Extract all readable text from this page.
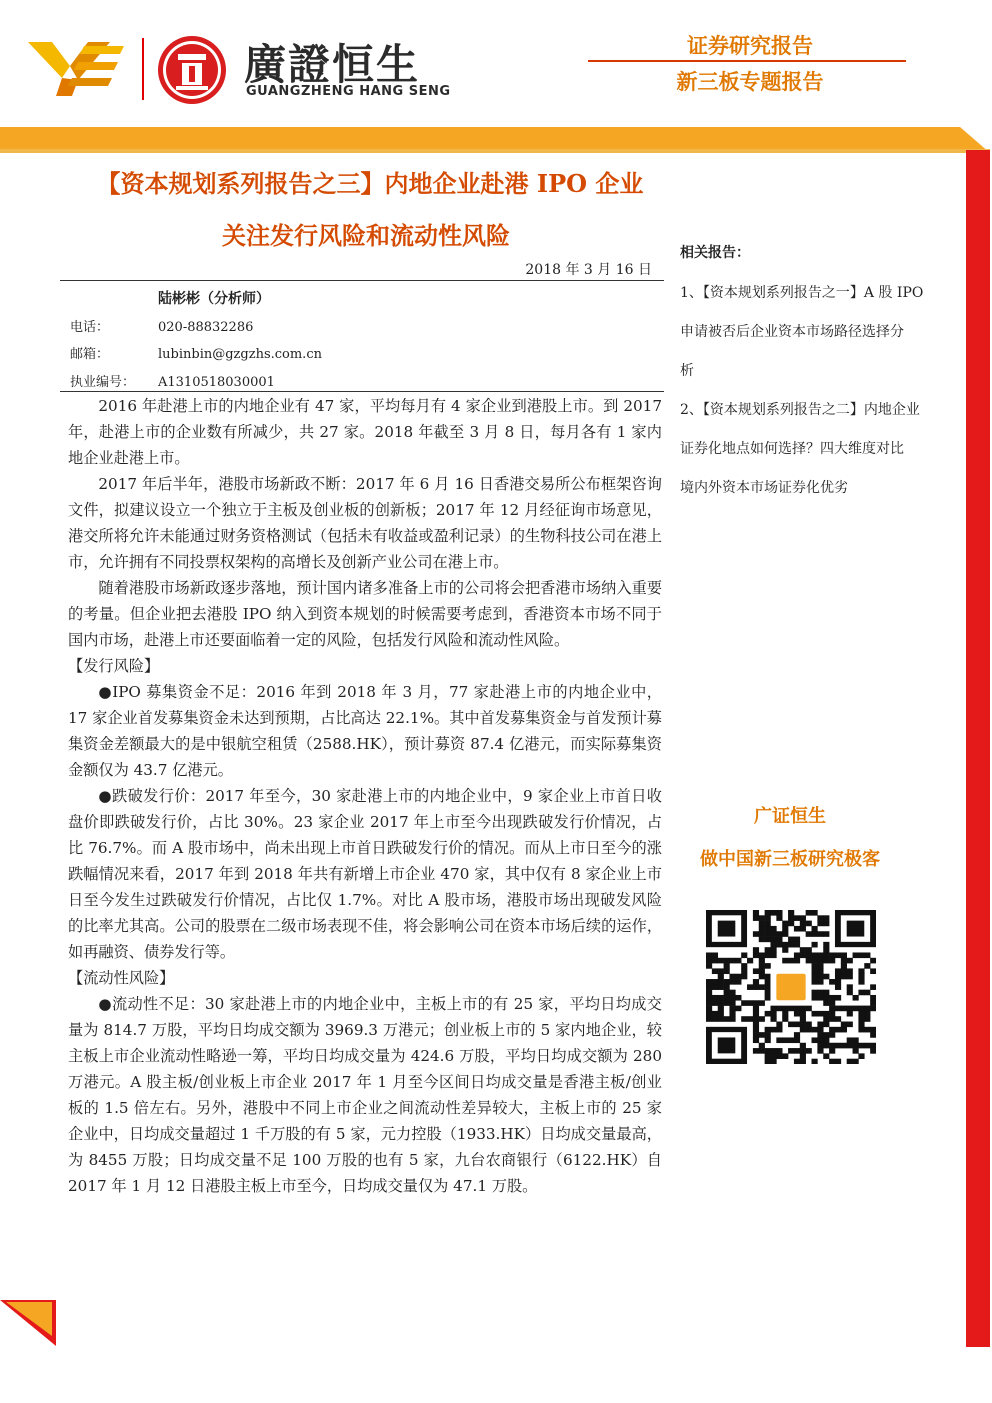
廣證恒生
GUANGZHENG HANG SENG
证券研究报告
新三板专题报告
【资本规划系列报告之三】内地企业赴港 IPO 企业
关注发行风险和流动性风险
2018 年 3 月 16 日
陆彬彬（分析师）
电话：	020-88832286
邮箱：	lubinbin@gzgzhs.com.cn
执业编号： A1310518030001

2016 年赴港上市的内地企业有 47 家，平均每月有 4 家企业到港股上市。到 2017 年，赴港上市的企业数有所减少，共 27 家。2018 年截至 3 月 8 日，每月各有 1 家内地企业赴港上市。

2017 年后半年，港股市场新政不断：2017 年 6 月 16 日香港交易所公布框架咨询文件，拟建议设立一个独立于主板及创业板的创新板；2017 年 12 月经征询市场意见，港交所将允许未能通过财务资格测试（包括未有收益或盈利记录）的生物科技公司在港上市，允许拥有不同投票权架构的高增长及创新产业公司在港上市。

随着港股市场新政逐步落地，预计国内诸多准备上市的公司将会把香港市场纳入重要的考量。但企业把去港股 IPO 纳入到资本规划的时候需要考虑到，香港资本市场不同于国内市场，赴港上市还要面临着一定的风险，包括发行风险和流动性风险。

【发行风险】

●IPO 募集资金不足：2016 年到 2018 年 3 月，77 家赴港上市的内地企业中，17 家企业首发募集资金未达到预期，占比高达 22.1%。其中首发募集资金与首发预计募集资金差额最大的是中银航空租赁（2588.HK），预计募资 87.4 亿港元，而实际募集资金额仅为 43.7 亿港元。

●跌破发行价：2017 年至今，30 家赴港上市的内地企业中，9 家企业上市首日收盘价即跌破发行价，占比 30%。23 家企业 2017 年上市至今出现跌破发行价情况，占比 76.7%。而 A 股市场中，尚未出现上市首日跌破发行价的情况。而从上市日至今的涨跌幅情况来看，2017 年到 2018 年共有新增上市企业 470 家，其中仅有 8 家企业上市日至今发生过跌破发行价情况，占比仅 1.7%。对比 A 股市场，港股市场出现破发风险的比率尤其高。公司的股票在二级市场表现不佳，将会影响公司在资本市场后续的运作，如再融资、债券发行等。

【流动性风险】

●流动性不足：30 家赴港上市的内地企业中，主板上市的有 25 家，平均日均成交量为 814.7 万股，平均日均成交额为 3969.3 万港元；创业板上市的 5 家内地企业，较主板上市企业流动性略逊一筹，平均日均成交量为 424.6 万股，平均日均成交额为 280 万港元。A 股主板/创业板上市企业 2017 年 1 月至今区间日均成交量是香港主板/创业板的 1.5 倍左右。另外，港股中不同上市企业之间流动性差异较大，主板上市的 25 家企业中，日均成交量超过 1 千万股的有 5 家，元力控股（1933.HK）日均成交量最高，为 8455 万股；日均成交量不足 100 万股的也有 5 家，九台农商银行（6122.HK）自 2017 年 1 月 12 日港股主板上市至今，日均成交量仅为 47.1 万股。

相关报告：
1、【资本规划系列报告之一】A 股 IPO
申请被否后企业资本市场路径选择分
析
2、【资本规划系列报告之二】内地企业
证券化地点如何选择？四大维度对比
境内外资本市场证券化优劣
广证恒生
做中国新三板研究极客
